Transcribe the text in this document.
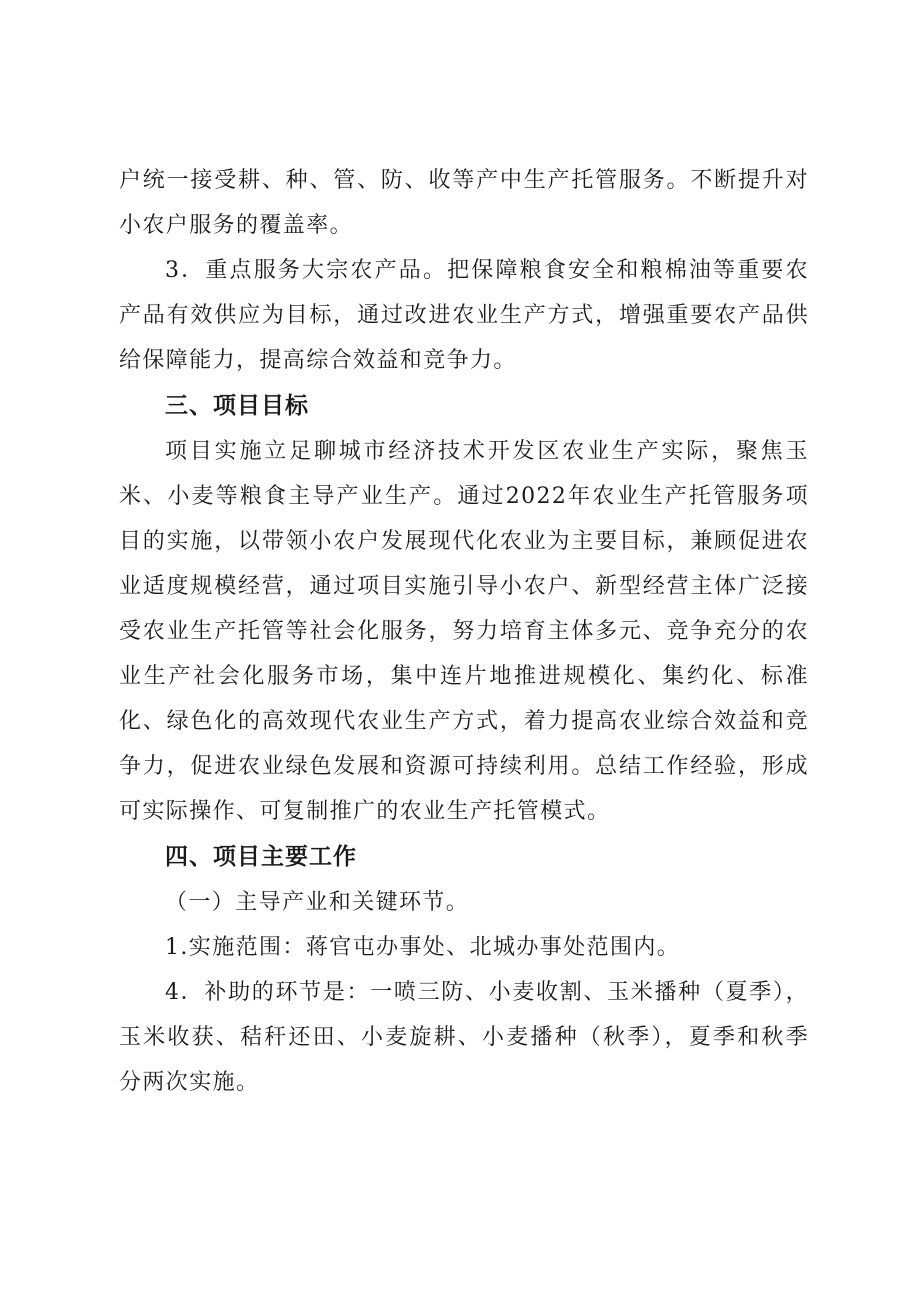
户统一接受耕、种、管、防、收等产中生产托管服务。不断提升对小农户服务的覆盖率。

3．重点服务大宗农产品。把保障粮食安全和粮棉油等重要农产品有效供应为目标，通过改进农业生产方式，增强重要农产品供给保障能力，提高综合效益和竞争力。

三、项目目标

项目实施立足聊城市经济技术开发区农业生产实际，聚焦玉米、小麦等粮食主导产业生产。通过2022年农业生产托管服务项目的实施，以带领小农户发展现代化农业为主要目标，兼顾促进农业适度规模经营，通过项目实施引导小农户、新型经营主体广泛接受农业生产托管等社会化服务，努力培育主体多元、竞争充分的农业生产社会化服务市场，集中连片地推进规模化、集约化、标准化、绿色化的高效现代农业生产方式，着力提高农业综合效益和竞争力，促进农业绿色发展和资源可持续利用。总结工作经验，形成可实际操作、可复制推广的农业生产托管模式。

四、项目主要工作

（一）主导产业和关键环节。

1.实施范围：蒋官屯办事处、北城办事处范围内。

4．补助的环节是：一喷三防、小麦收割、玉米播种（夏季），玉米收获、秸秆还田、小麦旋耕、小麦播种（秋季），夏季和秋季分两次实施。
